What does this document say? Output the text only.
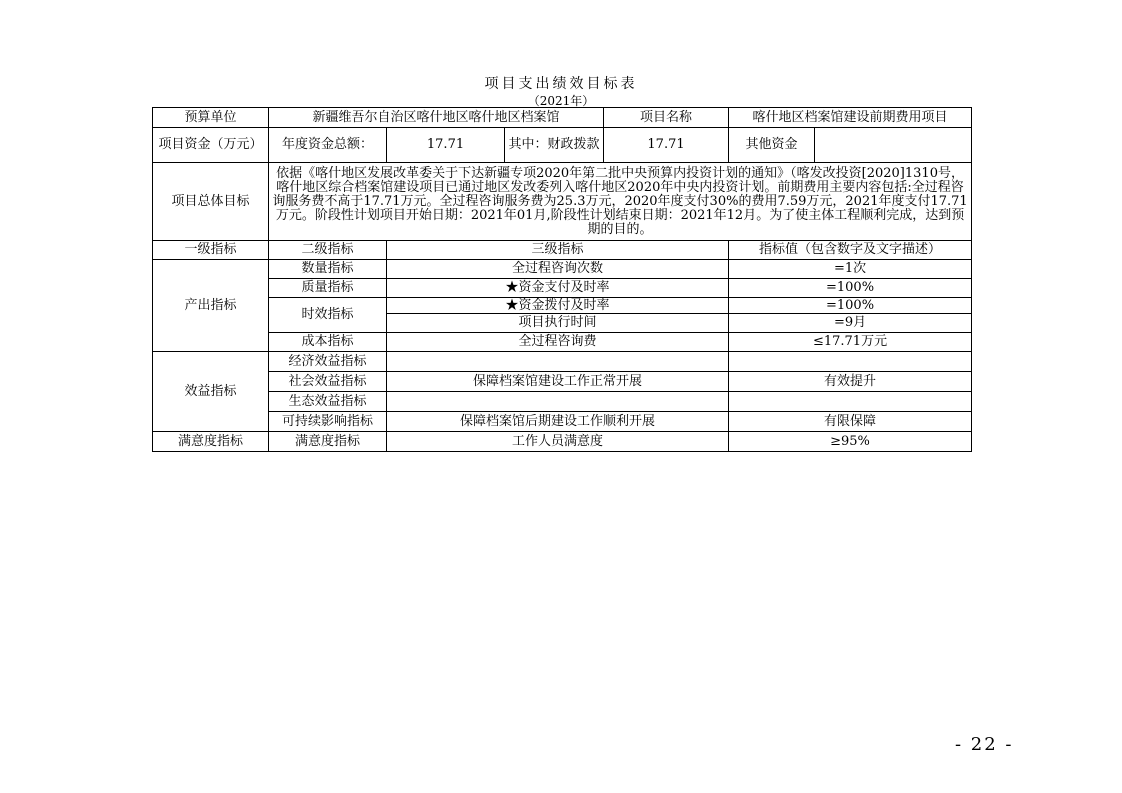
项目支出绩效目标表
（2021年）
预算单位	新疆维吾尔自治区喀什地区喀什地区档案馆			项目名称	喀什地区档案馆建设前期费用项目	
项目资金（万元）	年度资金总额：	17.71	其中：财政拨款	17.71	其他资金	
项目总体目标	依据《喀什地区发展改革委关于下达新疆专项2020年第二批中央预算内投资计划的通知》（喀发改投资[2020]1310号，喀什地区综合档案馆建设项目已通过地区发改委列入喀什地区2020年中央内投资计划。前期费用主要内容包括:全过程咨询服务费不高于17.71万元。全过程咨询服务费为25.3万元，2020年度支付30%的费用7.59万元，2021年度支付17.71万元。阶段性计划项目开始日期：2021年01月,阶段性计划结束日期：2021年12月。为了使主体工程顺利完成，达到预期的目的。					
一级指标	二级指标	三级指标			指标值（包含数字及文字描述）	
产出指标	数量指标	全过程咨询次数			=1次	
	质量指标	★资金支付及时率			=100%	
	时效指标	★资金拨付及时率			=100%	
		项目执行时间			=9月	
	成本指标	全过程咨询费			≤17.71万元	
效益指标	经济效益指标					
	社会效益指标	保障档案馆建设工作正常开展			有效提升	
	生态效益指标					
	可持续影响指标	保障档案馆后期建设工作顺利开展			有限保障	
满意度指标	满意度指标	工作人员满意度			≥95%	
- 22 -
